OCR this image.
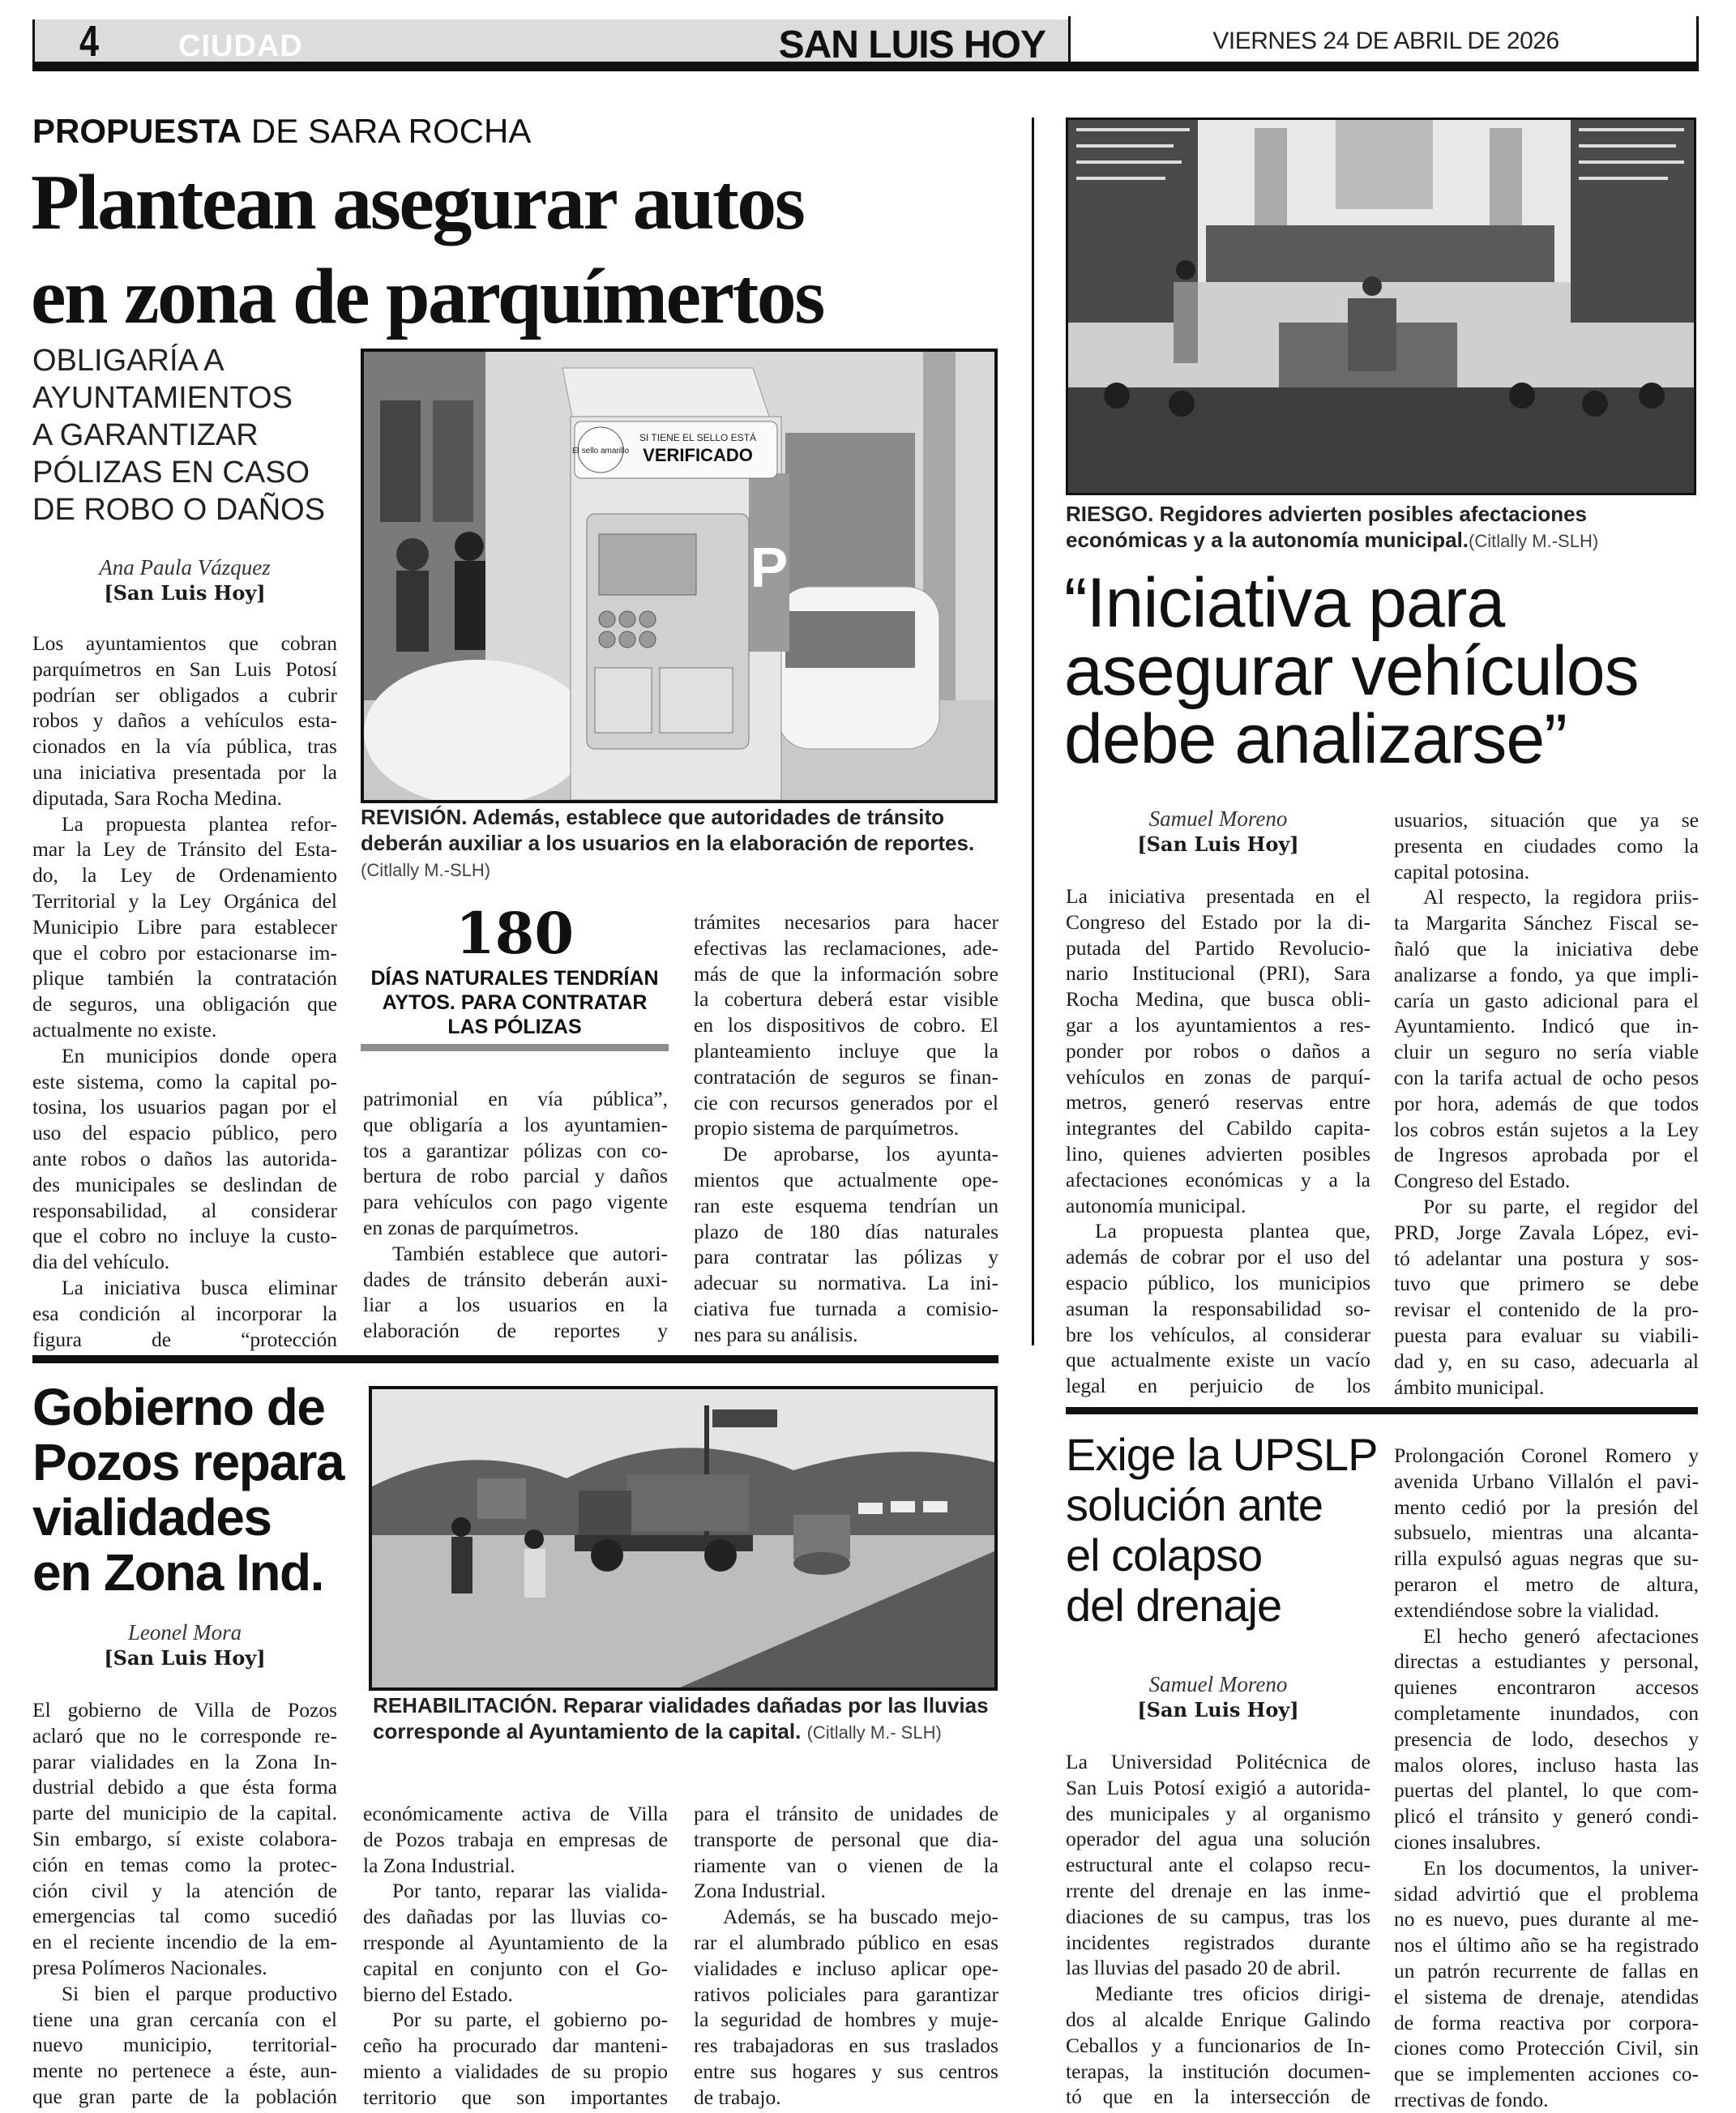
4	CIUDAD	SAN LUIS HOY	VIERNES 24 DE ABRIL DE 2026
PROPUESTA DE SARA ROCHA
Plantean asegurar autos
en zona de parquímertos
OBLIGARÍA A
AYUNTAMIENTOS
A GARANTIZAR
PÓLIZAS EN CASO
DE ROBO O DAÑOS
Ana Paula Vázquez
[San Luis Hoy]	P
El sello amarillo
SI TIENE EL SELLO ESTÁ
VERIFICADO
REVISIÓN. Además, establece que autoridades de tránsito deberán auxiliar a los usuarios en la elaboración de reportes.
(Citlally M.-SLH)
180
DÍAS NATURALES TENDRÍAN
AYTOS. PARA CONTRATAR
LAS PÓLIZAS
Los ayuntamientos que cobran
parquímetros en San Luis Potosí
podrían ser obligados a cubrir
robos y daños a vehículos esta-
cionados en la vía pública, tras
una iniciativa presentada por la
diputada, Sara Rocha Medina.
La propuesta plantea refor-
mar la Ley de Tránsito del Esta-
do, la Ley de Ordenamiento
Territorial y la Ley Orgánica del
Municipio Libre para establecer
que el cobro por estacionarse im-
plique también la contratación
de seguros, una obligación que
actualmente no existe.
En municipios donde opera
este sistema, como la capital po-
tosina, los usuarios pagan por el
uso del espacio público, pero
ante robos o daños las autorida-
des municipales se deslindan de
responsabilidad, al considerar
que el cobro no incluye la custo-
dia del vehículo.
La iniciativa busca eliminar
esa condición al incorporar la
figura de “protección
patrimonial en vía pública”,
que obligaría a los ayuntamien-
tos a garantizar pólizas con co-
bertura de robo parcial y daños
para vehículos con pago vigente
en zonas de parquímetros.
También establece que autori-
dades de tránsito deberán auxi-
liar a los usuarios en la
elaboración de reportes y
trámites necesarios para hacer
efectivas las reclamaciones, ade-
más de que la información sobre
la cobertura deberá estar visible
en los dispositivos de cobro. El
planteamiento incluye que la
contratación de seguros se finan-
cie con recursos generados por el
propio sistema de parquímetros.
De aprobarse, los ayunta-
mientos que actualmente ope-
ran este esquema tendrían un
plazo de 180 días naturales
para contratar las pólizas y
adecuar su normativa. La ini-
ciativa fue turnada a comisio-
nes para su análisis.
RIESGO. Regidores advierten posibles afectaciones económicas y a la autonomía municipal.(Citlally M.-SLH)
“Iniciativa para
asegurar vehículos
debe analizarse”
Samuel Moreno
[San Luis Hoy]
La iniciativa presentada en el
Congreso del Estado por la di-
putada del Partido Revolucio-
nario Institucional (PRI), Sara
Rocha Medina, que busca obli-
gar a los ayuntamientos a res-
ponder por robos o daños a
vehículos en zonas de parquí-
metros, generó reservas entre
integrantes del Cabildo capita-
lino, quienes advierten posibles
afectaciones económicas y a la
autonomía municipal.
La propuesta plantea que,
además de cobrar por el uso del
espacio público, los municipios
asuman la responsabilidad so-
bre los vehículos, al considerar
que actualmente existe un vacío
legal en perjuicio de los
usuarios, situación que ya se
presenta en ciudades como la
capital potosina.
Al respecto, la regidora priis-
ta Margarita Sánchez Fiscal se-
ñaló que la iniciativa debe
analizarse a fondo, ya que impli-
caría un gasto adicional para el
Ayuntamiento. Indicó que in-
cluir un seguro no sería viable
con la tarifa actual de ocho pesos
por hora, además de que todos
los cobros están sujetos a la Ley
de Ingresos aprobada por el
Congreso del Estado.
Por su parte, el regidor del
PRD, Jorge Zavala López, evi-
tó adelantar una postura y sos-
tuvo que primero se debe
revisar el contenido de la pro-
puesta para evaluar su viabili-
dad y, en su caso, adecuarla al
ámbito municipal.
Gobierno de
Pozos repara
vialidades
en Zona Ind.
Leonel Mora
[San Luis Hoy]
REHABILITACIÓN. Reparar vialidades dañadas por las lluvias corresponde al Ayuntamiento de la capital. (Citlally M.- SLH)
El gobierno de Villa de Pozos
aclaró que no le corresponde re-
parar vialidades en la Zona In-
dustrial debido a que ésta forma
parte del municipio de la capital.
Sin embargo, sí existe colabora-
ción en temas como la protec-
ción civil y la atención de
emergencias tal como sucedió
en el reciente incendio de la em-
presa Polímeros Nacionales.
Si bien el parque productivo
tiene una gran cercanía con el
nuevo municipio, territorial-
mente no pertenece a éste, aun-
que gran parte de la población
económicamente activa de Villa
de Pozos trabaja en empresas de
la Zona Industrial.
Por tanto, reparar las vialida-
des dañadas por las lluvias co-
rresponde al Ayuntamiento de la
capital en conjunto con el Go-
bierno del Estado.
Por su parte, el gobierno po-
ceño ha procurado dar manteni-
miento a vialidades de su propio
territorio que son importantes
para el tránsito de unidades de
transporte de personal que dia-
riamente van o vienen de la
Zona Industrial.
Además, se ha buscado mejo-
rar el alumbrado público en esas
vialidades e incluso aplicar ope-
rativos policiales para garantizar
la seguridad de hombres y muje-
res trabajadoras en sus traslados
entre sus hogares y sus centros
de trabajo.
Exige la UPSLP
solución ante
el colapso
del drenaje
Samuel Moreno
[San Luis Hoy]
La Universidad Politécnica de
San Luis Potosí exigió a autorida-
des municipales y al organismo
operador del agua una solución
estructural ante el colapso recu-
rrente del drenaje en las inme-
diaciones de su campus, tras los
incidentes registrados durante
las lluvias del pasado 20 de abril.
Mediante tres oficios dirigi-
dos al alcalde Enrique Galindo
Ceballos y a funcionarios de In-
terapas, la institución documen-
tó que en la intersección de
Prolongación Coronel Romero y
avenida Urbano Villalón el pavi-
mento cedió por la presión del
subsuelo, mientras una alcanta-
rilla expulsó aguas negras que su-
peraron el metro de altura,
extendiéndose sobre la vialidad.
El hecho generó afectaciones
directas a estudiantes y personal,
quienes encontraron accesos
completamente inundados, con
presencia de lodo, desechos y
malos olores, incluso hasta las
puertas del plantel, lo que com-
plicó el tránsito y generó condi-
ciones insalubres.
En los documentos, la univer-
sidad advirtió que el problema
no es nuevo, pues durante al me-
nos el último año se ha registrado
un patrón recurrente de fallas en
el sistema de drenaje, atendidas
de forma reactiva por corpora-
ciones como Protección Civil, sin
que se implementen acciones co-
rrectivas de fondo.
